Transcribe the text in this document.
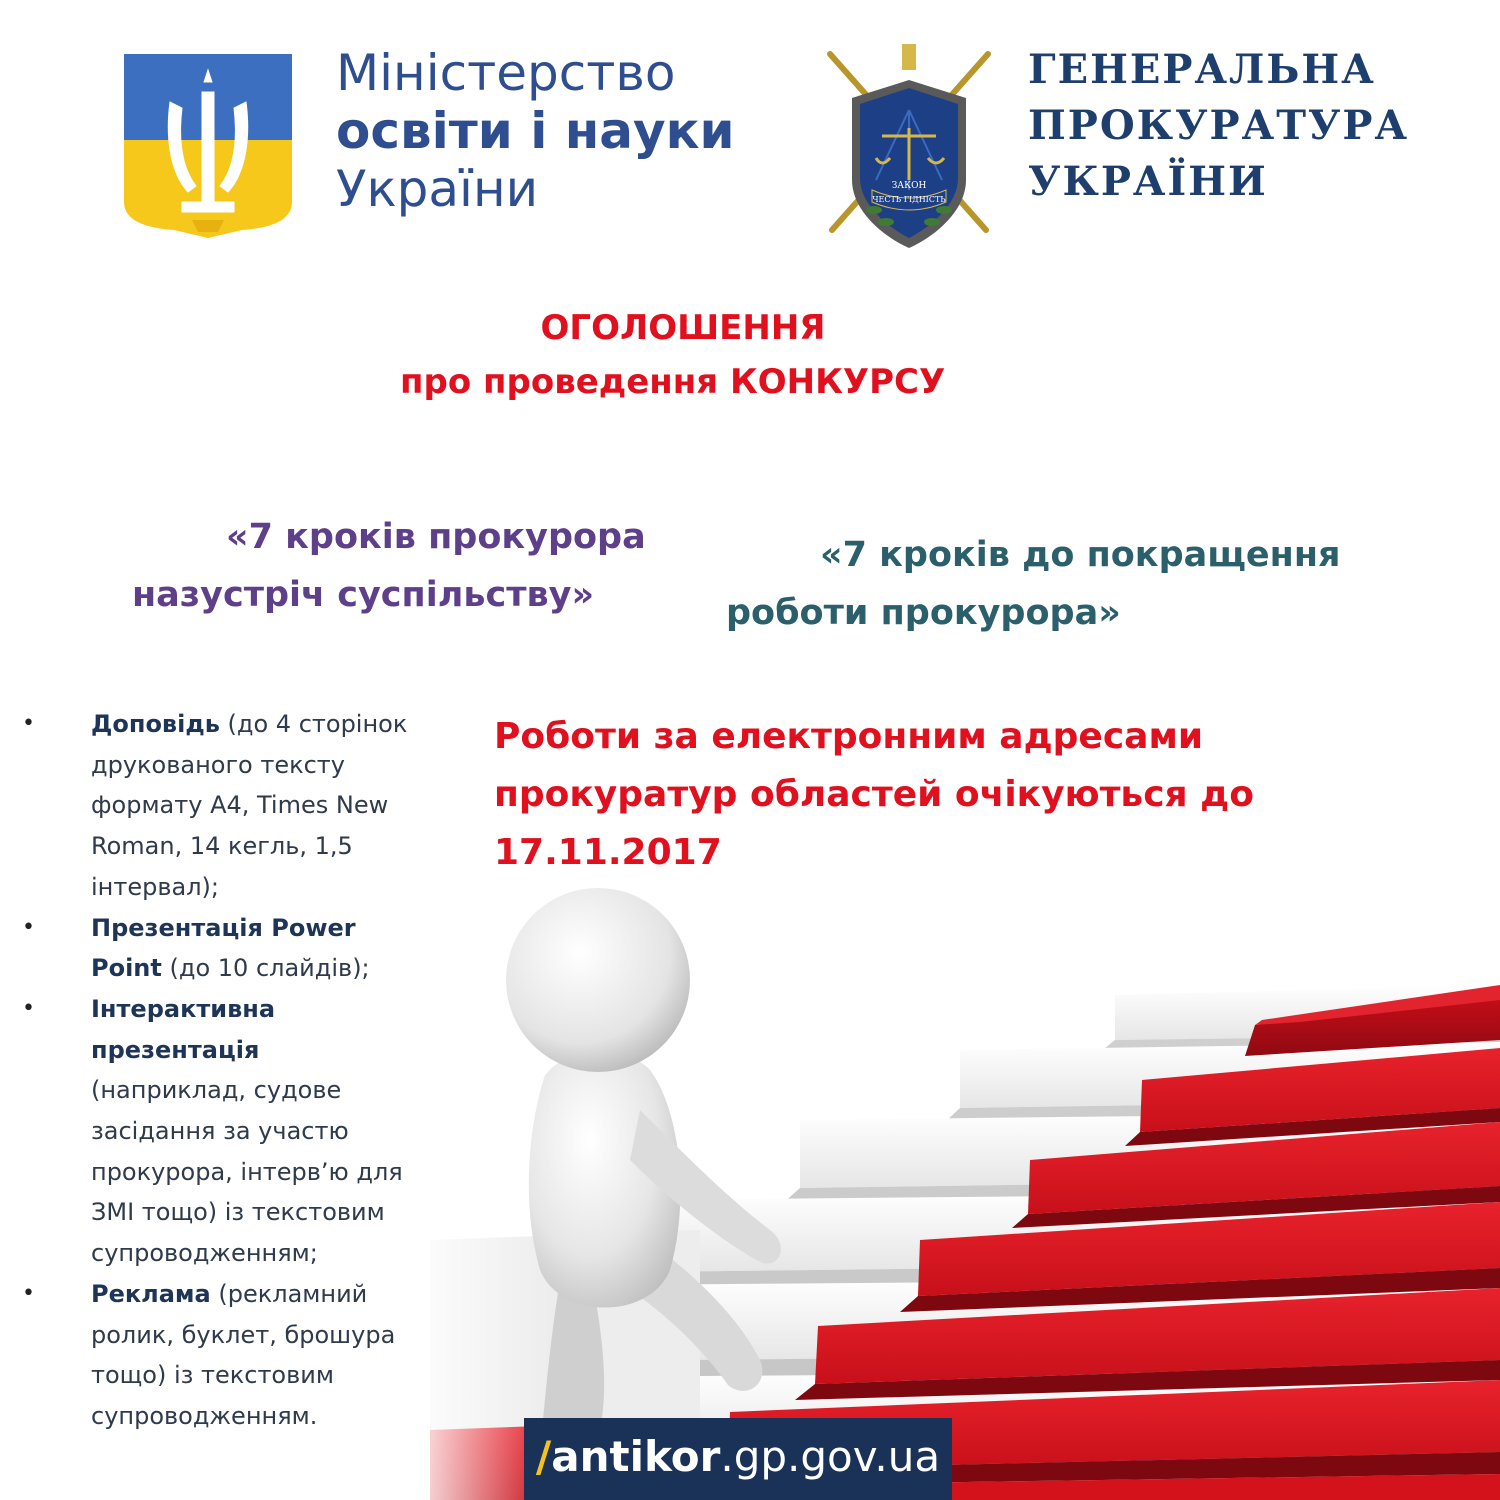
Міністерство
освіти і науки
України	ЗАКОН
ЧЕСТЬ ГІДНІСТЬ
ГЕНЕРАЛЬНА
ПРОКУРАТУРА
УКРАЇНИ
ОГОЛОШЕННЯ
про проведення КОНКУРСУ
«7 кроків прокурора
назустріч суспільству»
«7 кроків до покращення
роботи прокурора»
Роботи за електронним адресами
прокуратур областей очікуються до
17.11.2017
• Доповідь (до 4 сторінок друкованого тексту формату А4, Times New Roman, 14 кегль, 1,5 інтервал);
• Презентація Power Point (до 10 слайдів);
• Інтерактивна презентація (наприклад, судове засідання за участю прокурора, інтерв’ю для ЗМІ тощо) із текстовим супроводженням;
• Реклама (рекламний ролик, буклет, брошура тощо) із текстовим супроводженням.
/antikor.gp.gov.ua
